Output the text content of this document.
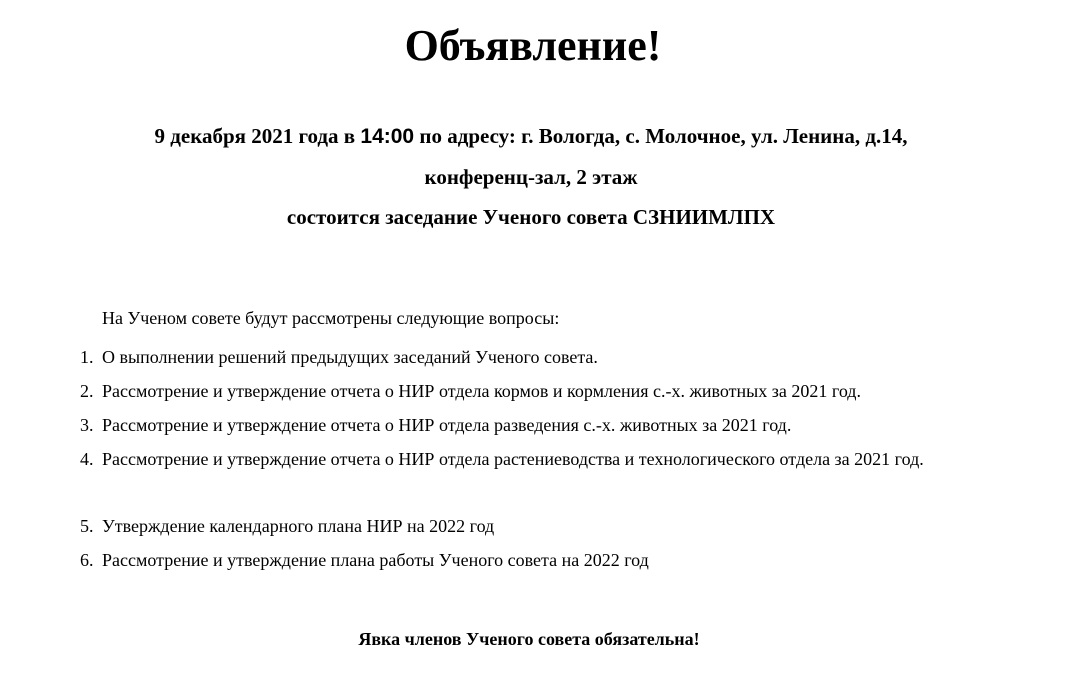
Объявление!

9 декабря 2021 года в 14:00 по адресу: г. Вологда, с. Молочное, ул. Ленина, д.14,

конференц-зал, 2 этаж

состоится заседание Ученого совета СЗНИИМЛПХ

На Ученом совете будут рассмотрены следующие вопросы:

1. О выполнении решений предыдущих заседаний Ученого совета.
2. Рассмотрение и утверждение отчета о НИР отдела кормов и кормления с.-х. животных за 2021 год.
3. Рассмотрение и утверждение отчета о НИР отдела разведения с.-х. животных за 2021 год.
4. Рассмотрение и утверждение отчета о НИР отдела растениеводства и технологического отдела за 2021 год.
5. Утверждение календарного плана НИР на 2022 год
6. Рассмотрение и утверждение плана работы Ученого совета на 2022 год

Явка членов Ученого совета обязательна!
